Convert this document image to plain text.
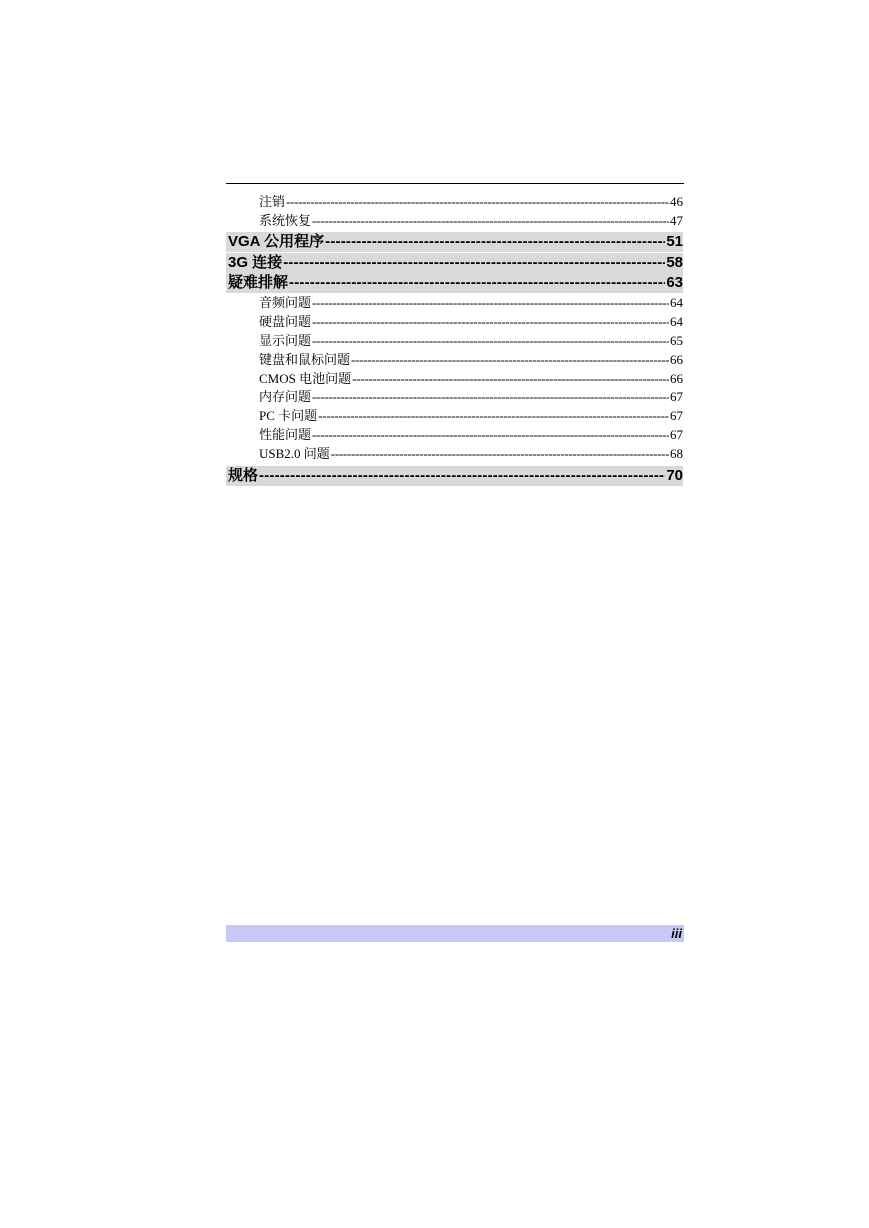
注销 -----	46
系统恢复 -----	47
VGA 公用程序 -----	51
3G 连接 -----	58
疑难排解 -----	63
音频问题 -----	64
硬盘问题 -----	64
显示问题 -----	65
键盘和鼠标问题 -----	66
CMOS 电池问题 -----	66
内存问题 -----	67
PC 卡问题 -----	67
性能问题 -----	67
USB2.0 问题 -----	68
规格 -----	70
iii
